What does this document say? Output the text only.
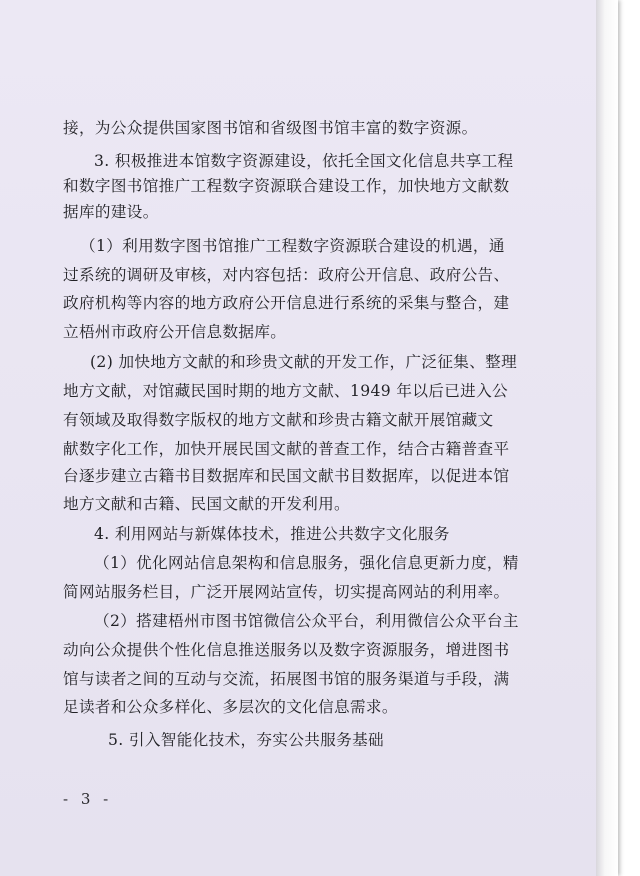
接，为公众提供国家图书馆和省级图书馆丰富的数字资源。
3. 积极推进本馆数字资源建设，依托全国文化信息共享工程
和数字图书馆推广工程数字资源联合建设工作，加快地方文献数
据库的建设。
（1）利用数字图书馆推广工程数字资源联合建设的机遇，通
过系统的调研及审核，对内容包括：政府公开信息、政府公告、
政府机构等内容的地方政府公开信息进行系统的采集与整合，建
立梧州市政府公开信息数据库。
(2) 加快地方文献的和珍贵文献的开发工作，广泛征集、整理
地方文献，对馆藏民国时期的地方文献、1949 年以后已进入公
有领域及取得数字版权的地方文献和珍贵古籍文献开展馆藏文
献数字化工作，加快开展民国文献的普查工作，结合古籍普查平
台逐步建立古籍书目数据库和民国文献书目数据库，以促进本馆
地方文献和古籍、民国文献的开发利用。
4. 利用网站与新媒体技术，推进公共数字文化服务
（1）优化网站信息架构和信息服务，强化信息更新力度，精
简网站服务栏目，广泛开展网站宣传，切实提高网站的利用率。
（2）搭建梧州市图书馆微信公众平台，利用微信公众平台主
动向公众提供个性化信息推送服务以及数字资源服务，增进图书
馆与读者之间的互动与交流，拓展图书馆的服务渠道与手段，满
足读者和公众多样化、多层次的文化信息需求。
5. 引入智能化技术，夯实公共服务基础
- 3 -
